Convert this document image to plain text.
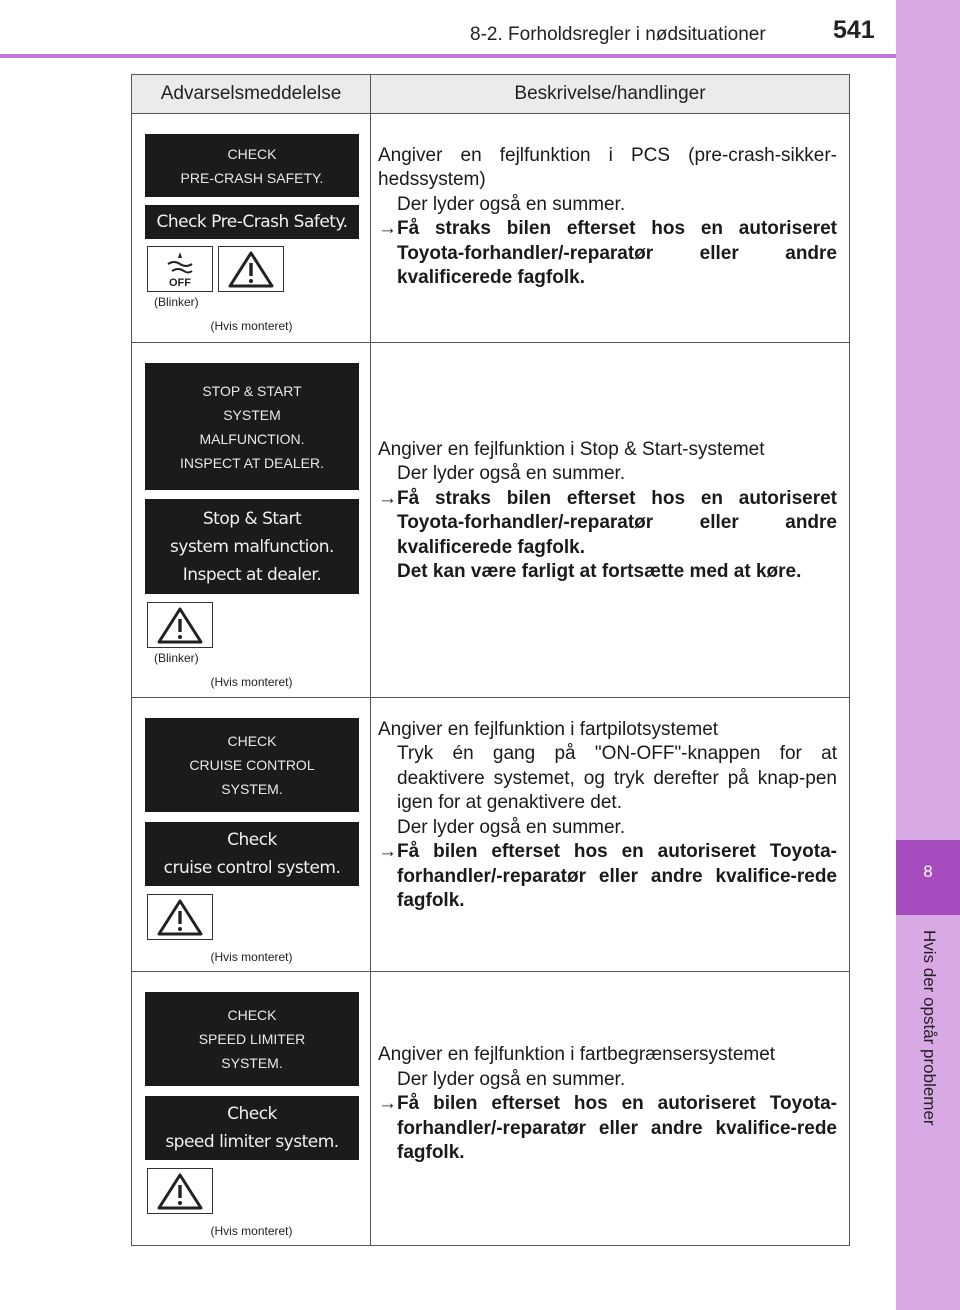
8-2. Forholdsregler i nødsituationer	541
8
Hvis der opstår problemer
Advarselsmeddelelse	Beskrivelse/handlinger
CHECK
PRE-CRASH SAFETY.
Check Pre-Crash Safety.
OFF
(Blinker)
(Hvis monteret)
Angiver en fejlfunktion i PCS (pre-crash-sikker-hedssystem)
Der lyder også en summer.
→Få straks bilen efterset hos en autoriseret Toyota-forhandler/-reparatør eller andre kvalificerede fagfolk.
STOP & START
SYSTEM
MALFUNCTION.
INSPECT AT DEALER.
Stop & Start
system malfunction.
Inspect at dealer.
(Blinker)
(Hvis monteret)
Angiver en fejlfunktion i Stop & Start-systemet
Der lyder også en summer.
→Få straks bilen efterset hos en autoriseret Toyota-forhandler/-reparatør eller andre kvalificerede fagfolk.
Det kan være farligt at fortsætte med at køre.
CHECK
CRUISE CONTROL
SYSTEM.
Check
cruise control system.
(Hvis monteret)
Angiver en fejlfunktion i fartpilotsystemet
Tryk én gang på "ON-OFF"-knappen for at deaktivere systemet, og tryk derefter på knap-pen igen for at genaktivere det.
Der lyder også en summer.
→Få bilen efterset hos en autoriseret Toyota-forhandler/-reparatør eller andre kvalifice-rede fagfolk.
CHECK
SPEED LIMITER
SYSTEM.
Check
speed limiter system.
(Hvis monteret)
Angiver en fejlfunktion i fartbegrænsersystemet
Der lyder også en summer.
→Få bilen efterset hos en autoriseret Toyota-forhandler/-reparatør eller andre kvalifice-rede fagfolk.
